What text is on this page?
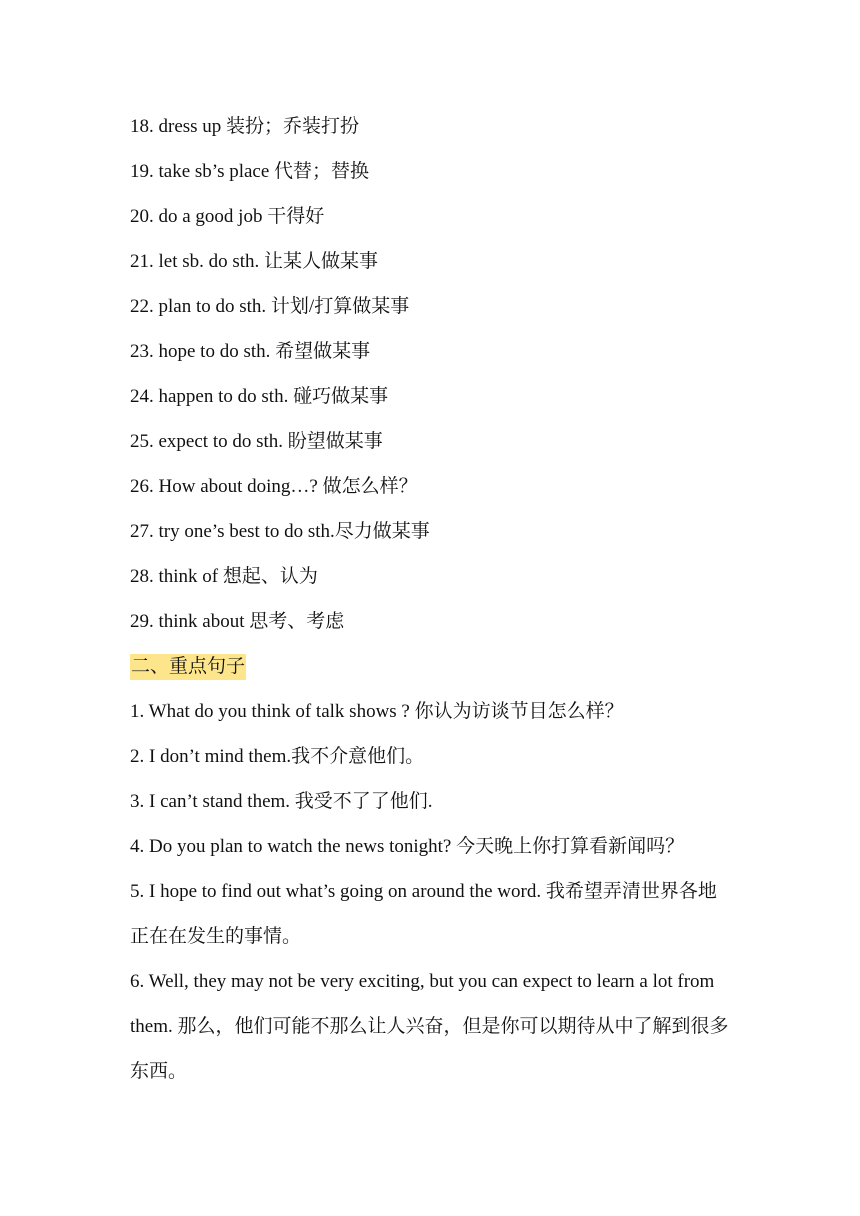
18. dress up 装扮；乔装打扮

19. take sb’s place 代替；替换

20. do a good job 干得好

21. let sb. do sth. 让某人做某事

22. plan to do sth. 计划/打算做某事

23. hope to do sth. 希望做某事

24. happen to do sth. 碰巧做某事

25. expect to do sth. 盼望做某事

26. How about doing…? 做怎么样？

27. try one’s best to do sth.尽力做某事

28. think of 想起、认为

29. think about 思考、考虑

二、重点句子

1. What do you think of talk shows ? 你认为访谈节目怎么样？

2. I don’t mind them.我不介意他们。

3. I can’t stand them. 我受不了了他们.

4. Do you plan to watch the news tonight? 今天晚上你打算看新闻吗？

5. I hope to find out what’s going on around the word. 我希望弄清世界各地正在在发生的事情。

6. Well, they may not be very exciting, but you can expect to learn a lot from them. 那么，他们可能不那么让人兴奋，但是你可以期待从中了解到很多东西。
